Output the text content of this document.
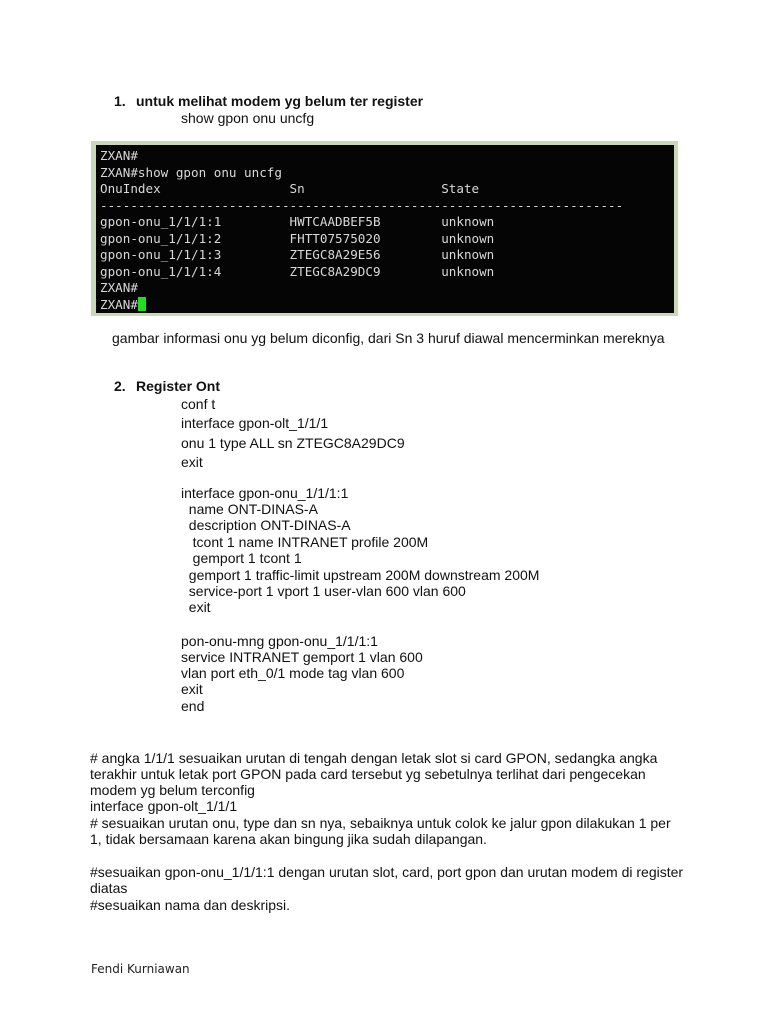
1. untuk melihat modem yg belum ter register
show gpon onu uncfg
ZXAN#
ZXAN#show gpon onu uncfg
OnuIndex                 Sn                  State
---------------------------------------------------------------------
gpon-onu_1/1/1:1         HWTCAADBEF5B        unknown
gpon-onu_1/1/1:2         FHTT07575020        unknown
gpon-onu_1/1/1:3         ZTEGC8A29E56        unknown
gpon-onu_1/1/1:4         ZTEGC8A29DC9        unknown
ZXAN#
ZXAN#
gambar informasi onu yg belum diconfig, dari Sn 3 huruf diawal mencerminkan mereknya
2. Register Ont
conf t
interface gpon-olt_1/1/1
onu 1 type ALL sn ZTEGC8A29DC9
exit
interface gpon-onu_1/1/1:1
name ONT-DINAS-A
description ONT-DINAS-A
tcont 1 name INTRANET profile 200M
gemport 1 tcont 1
gemport 1 traffic-limit upstream 200M downstream 200M
service-port 1 vport 1 user-vlan 600 vlan 600
exit
pon-onu-mng gpon-onu_1/1/1:1
service INTRANET gemport 1 vlan 600
vlan port eth_0/1 mode tag vlan 600
exit
end
# angka 1/1/1 sesuaikan urutan di tengah dengan letak slot si card GPON, sedangka angka
terakhir untuk letak port GPON pada card tersebut yg sebetulnya terlihat dari pengecekan
modem yg belum terconfig
interface gpon-olt_1/1/1
# sesuaikan urutan onu, type dan sn nya, sebaiknya untuk colok ke jalur gpon dilakukan 1 per
1, tidak bersamaan karena akan bingung jika sudah dilapangan.
#sesuaikan gpon-onu_1/1/1:1 dengan urutan slot, card, port gpon dan urutan modem di register
diatas
#sesuaikan nama dan deskripsi.
Fendi Kurniawan
